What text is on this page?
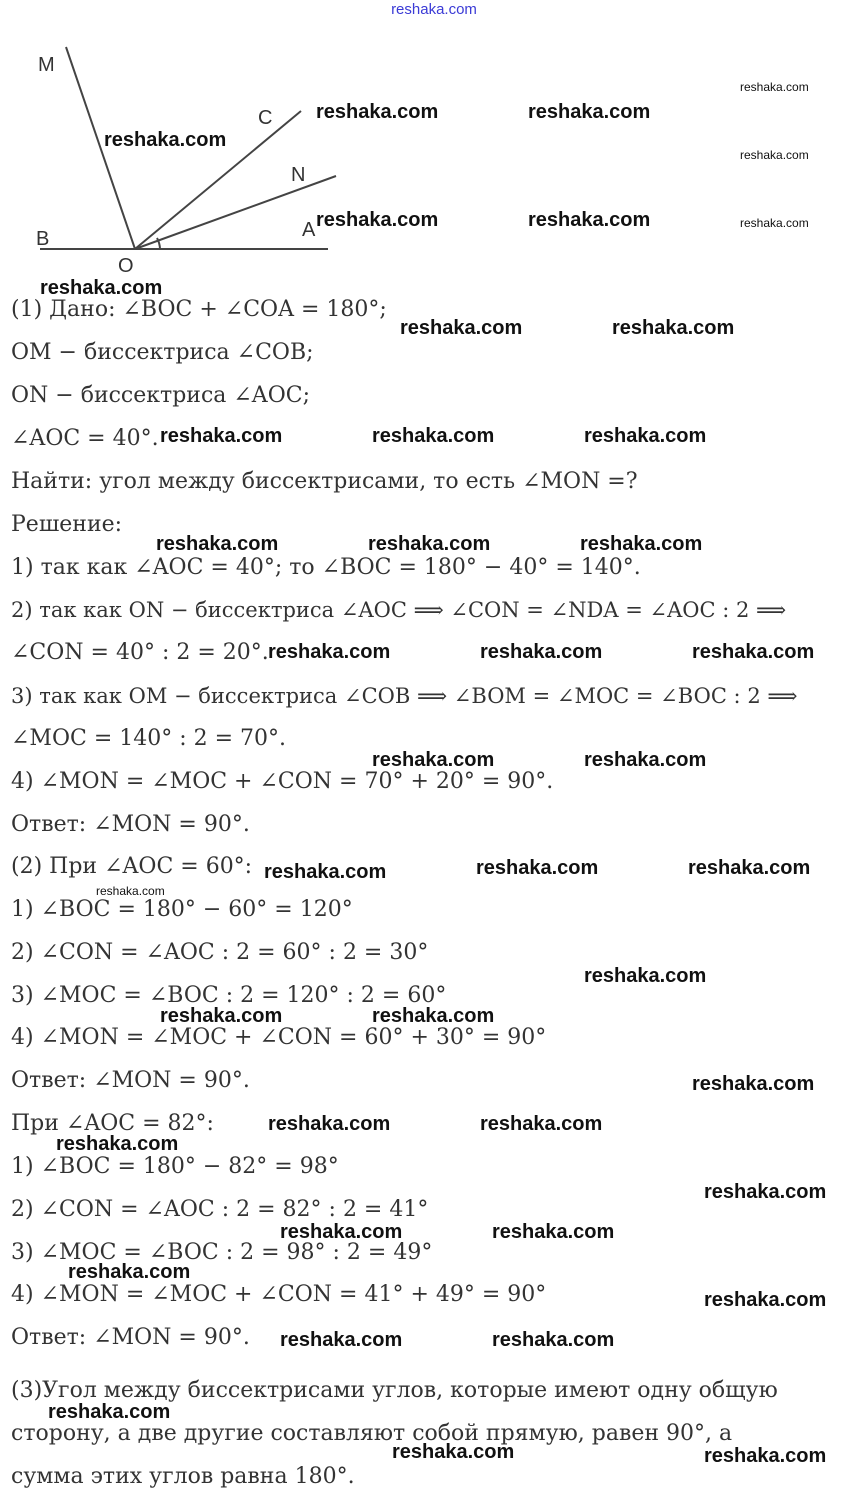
reshaka.com
M
C
N
B	A
O
(1) Дано: ∠BOC + ∠COA = 180°;
OM − биссектриса ∠COB;
ON − биссектриса ∠AOC;
∠AOC = 40°.
Найти: угол между биссектрисами, то есть ∠MON =?
Решение:
1) так как ∠AOC = 40°; то ∠BOC = 180° − 40° = 140°.
2) так как ON − биссектриса ∠AOC ⟹ ∠CON = ∠NDA = ∠AOC : 2 ⟹
∠CON = 40° : 2 = 20°.
3) так как OM − биссектриса ∠COB ⟹ ∠BOM = ∠MOC = ∠BOC : 2 ⟹
∠MOC = 140° : 2 = 70°.
4) ∠MON = ∠MOC + ∠CON = 70° + 20° = 90°.
Ответ: ∠MON = 90°.
(2) При ∠AOC = 60°:
1) ∠BOC = 180° − 60° = 120°
2) ∠CON = ∠AOC : 2 = 60° : 2 = 30°
3) ∠MOC = ∠BOC : 2 = 120° : 2 = 60°
4) ∠MON = ∠MOC + ∠CON = 60° + 30° = 90°
Ответ: ∠MON = 90°.
При ∠AOC = 82°:
1) ∠BOC = 180° − 82° = 98°
2) ∠CON = ∠AOC : 2 = 82° : 2 = 41°
3) ∠MOC = ∠BOC : 2 = 98° : 2 = 49°
4) ∠MON = ∠MOC + ∠CON = 41° + 49° = 90°
Ответ: ∠MON = 90°.
(3)Угол между биссектрисами углов, которые имеют одну общую
сторону, а две другие составляют собой прямую, равен 90°, а
сумма этих углов равна 180°.
reshaka.com
reshaka.com	reshaka.com
reshaka.com
reshaka.com
reshaka.com	reshaka.com	reshaka.com
reshaka.com
reshaka.com	reshaka.com
reshaka.com	reshaka.com	reshaka.com
reshaka.com	reshaka.com	reshaka.com
reshaka.com	reshaka.com	reshaka.com
reshaka.com	reshaka.com
reshaka.com	reshaka.com	reshaka.com
reshaka.com
reshaka.com
reshaka.com	reshaka.com
reshaka.com
reshaka.com	reshaka.com
reshaka.com
reshaka.com
reshaka.com	reshaka.com
reshaka.com
reshaka.com
reshaka.com	reshaka.com
reshaka.com
reshaka.com	reshaka.com
